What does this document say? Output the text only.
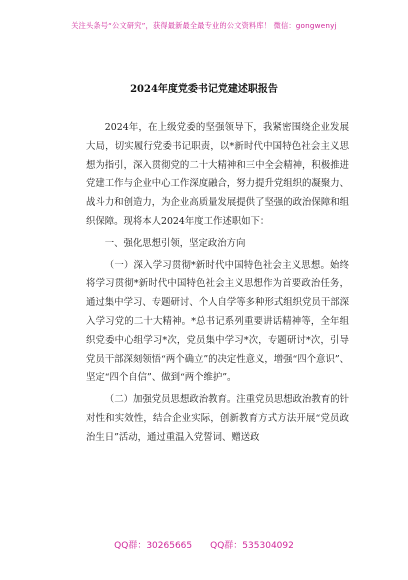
关注头条号“公文研究”，获得最新最全最专业的公文资料库！ 微信：gongwenyj
2024年度党委书记党建述职报告

2024年，在上级党委的坚强领导下，我紧密围绕企业发展大局，切实履行党委书记职责，以*新时代中国特色社会主义思想为指引，深入贯彻党的二十大精神和三中全会精神，积极推进党建工作与企业中心工作深度融合，努力提升党组织的凝聚力、战斗力和创造力，为企业高质量发展提供了坚强的政治保障和组织保障。现将本人2024年度工作述职如下：

一、强化思想引领，坚定政治方向

（一）深入学习贯彻*新时代中国特色社会主义思想。始终将学习贯彻*新时代中国特色社会主义思想作为首要政治任务，通过集中学习、专题研讨、个人自学等多种形式组织党员干部深入学习党的二十大精神。*总书记系列重要讲话精神等，全年组织党委中心组学习*次，党员集中学习*次，专题研讨*次，引导党员干部深刻领悟“两个确立”的决定性意义，增强“四个意识”、坚定“四个自信”、做到“两个维护”。

（二）加强党员思想政治教育。注重党员思想政治教育的针对性和实效性，结合企业实际，创新教育方式方法开展“党员政治生日”活动，通过重温入党誓词、赠送政

QQ群：30265665 QQ群：535304092
